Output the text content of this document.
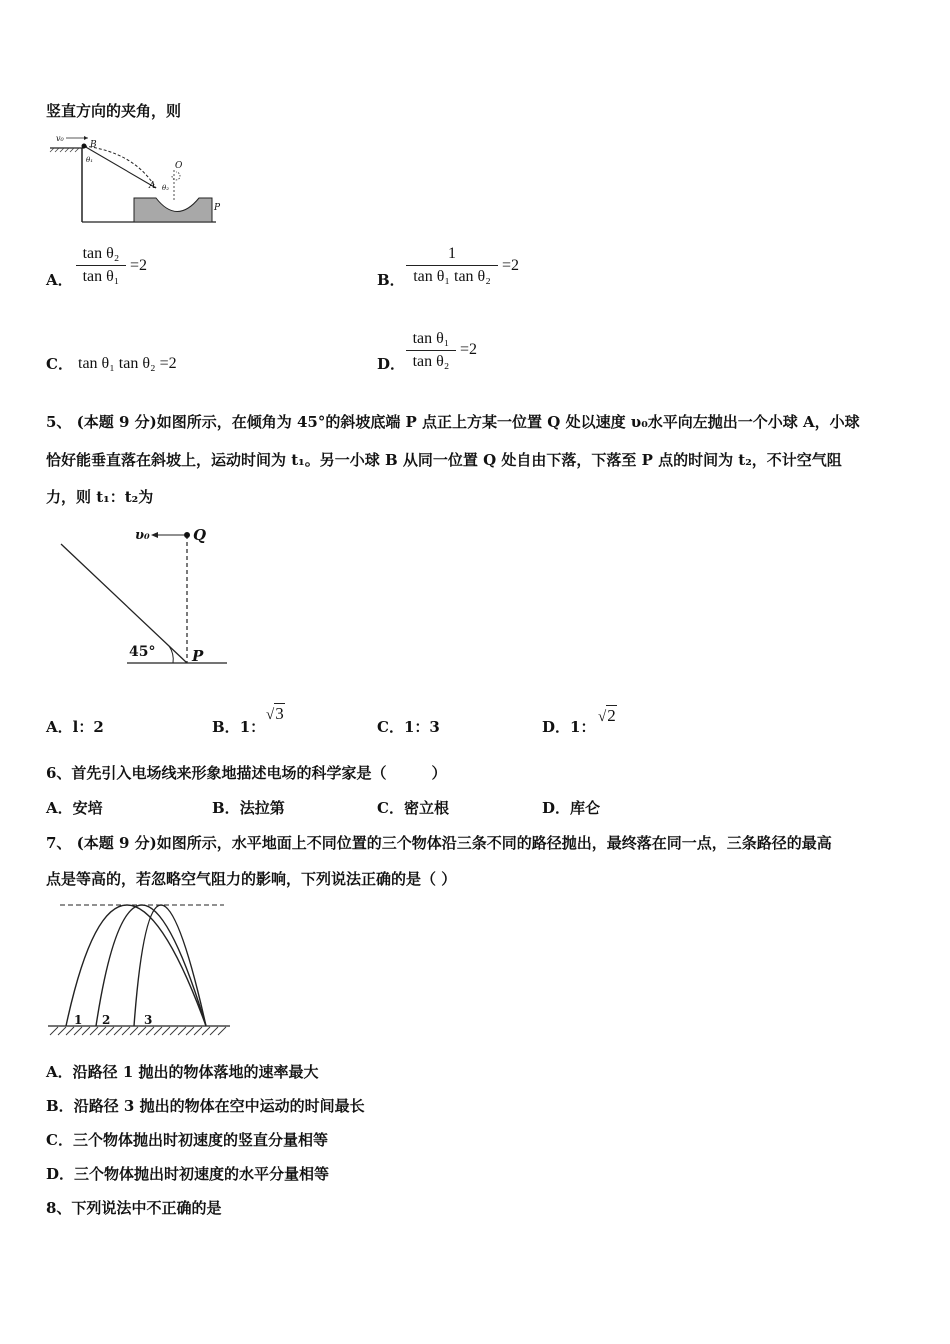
竖直方向的夹角，则
v₀
B
θ₁
O
A θ₂
P
A．
tan θ₂
tan θ₁
=2
B．
1
tan θ₁ tan θ₂
=2
C． tan θ₁ tan θ₂ =2	D．
tan θ₁
tan θ₂
=2
5、 (本题 9 分)如图所示，在倾角为 45°的斜坡底端 P 点正上方某一位置 Q 处以速度 υ₀水平向左抛出一个小球 A，小球
恰好能垂直落在斜坡上，运动时间为 t₁。另一小球 B 从同一位置 Q 处自由下落，下落至 P 点的时间为 t₂，不计空气阻
力，则 t₁：t₂为
υ₀	Q
45° P
A．l：2	B．1：
√3
C．1：3	D．1：
√2
6、首先引入电场线来形象地描述电场的科学家是（　　　）
A．安培	B．法拉第	C．密立根	D．库仑
7、 (本题 9 分)如图所示，水平地面上不同位置的三个物体沿三条不同的路径抛出，最终落在同一点，三条路径的最高
点是等高的，若忽略空气阻力的影响，下列说法正确的是（ ）
1 2	3
A．沿路径 1 抛出的物体落地的速率最大
B．沿路径 3 抛出的物体在空中运动的时间最长
C．三个物体抛出时初速度的竖直分量相等
D．三个物体抛出时初速度的水平分量相等
8、下列说法中不正确的是
